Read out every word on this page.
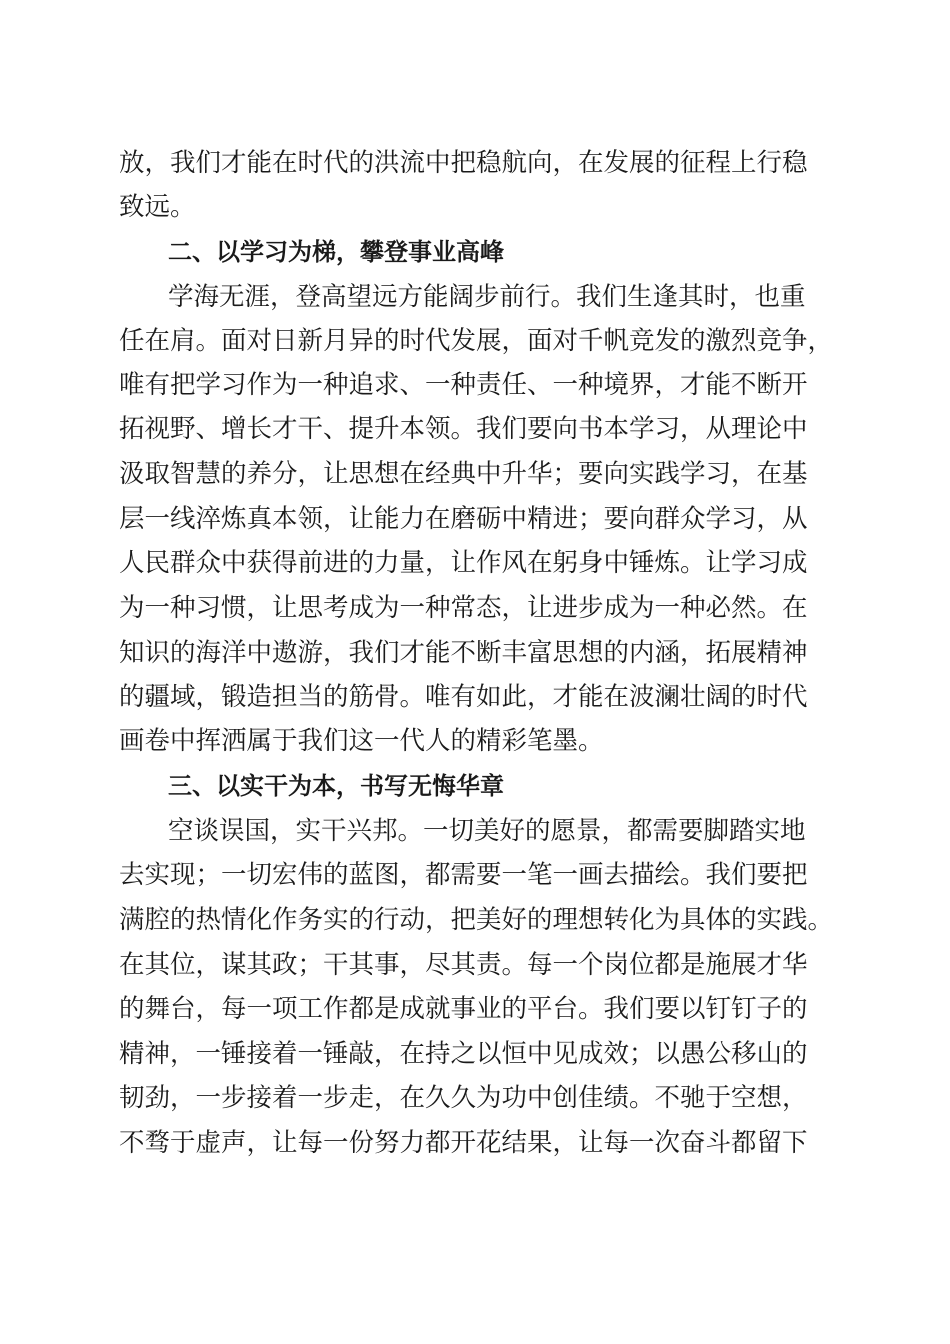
放，我们才能在时代的洪流中把稳航向，在发展的征程上行稳
致远。
二、以学习为梯，攀登事业高峰
学海无涯，登高望远方能阔步前行。我们生逢其时，也重
任在肩。面对日新月异的时代发展，面对千帆竞发的激烈竞争，
唯有把学习作为一种追求、一种责任、一种境界，才能不断开
拓视野、增长才干、提升本领。我们要向书本学习，从理论中
汲取智慧的养分，让思想在经典中升华；要向实践学习，在基
层一线淬炼真本领，让能力在磨砺中精进；要向群众学习，从
人民群众中获得前进的力量，让作风在躬身中锤炼。让学习成
为一种习惯，让思考成为一种常态，让进步成为一种必然。在
知识的海洋中遨游，我们才能不断丰富思想的内涵，拓展精神
的疆域，锻造担当的筋骨。唯有如此，才能在波澜壮阔的时代
画卷中挥洒属于我们这一代人的精彩笔墨。
三、以实干为本，书写无悔华章
空谈误国，实干兴邦。一切美好的愿景，都需要脚踏实地
去实现；一切宏伟的蓝图，都需要一笔一画去描绘。我们要把
满腔的热情化作务实的行动，把美好的理想转化为具体的实践。
在其位，谋其政；干其事，尽其责。每一个岗位都是施展才华
的舞台，每一项工作都是成就事业的平台。我们要以钉钉子的
精神，一锤接着一锤敲，在持之以恒中见成效；以愚公移山的
韧劲，一步接着一步走，在久久为功中创佳绩。不驰于空想，
不骛于虚声，让每一份努力都开花结果，让每一次奋斗都留下
